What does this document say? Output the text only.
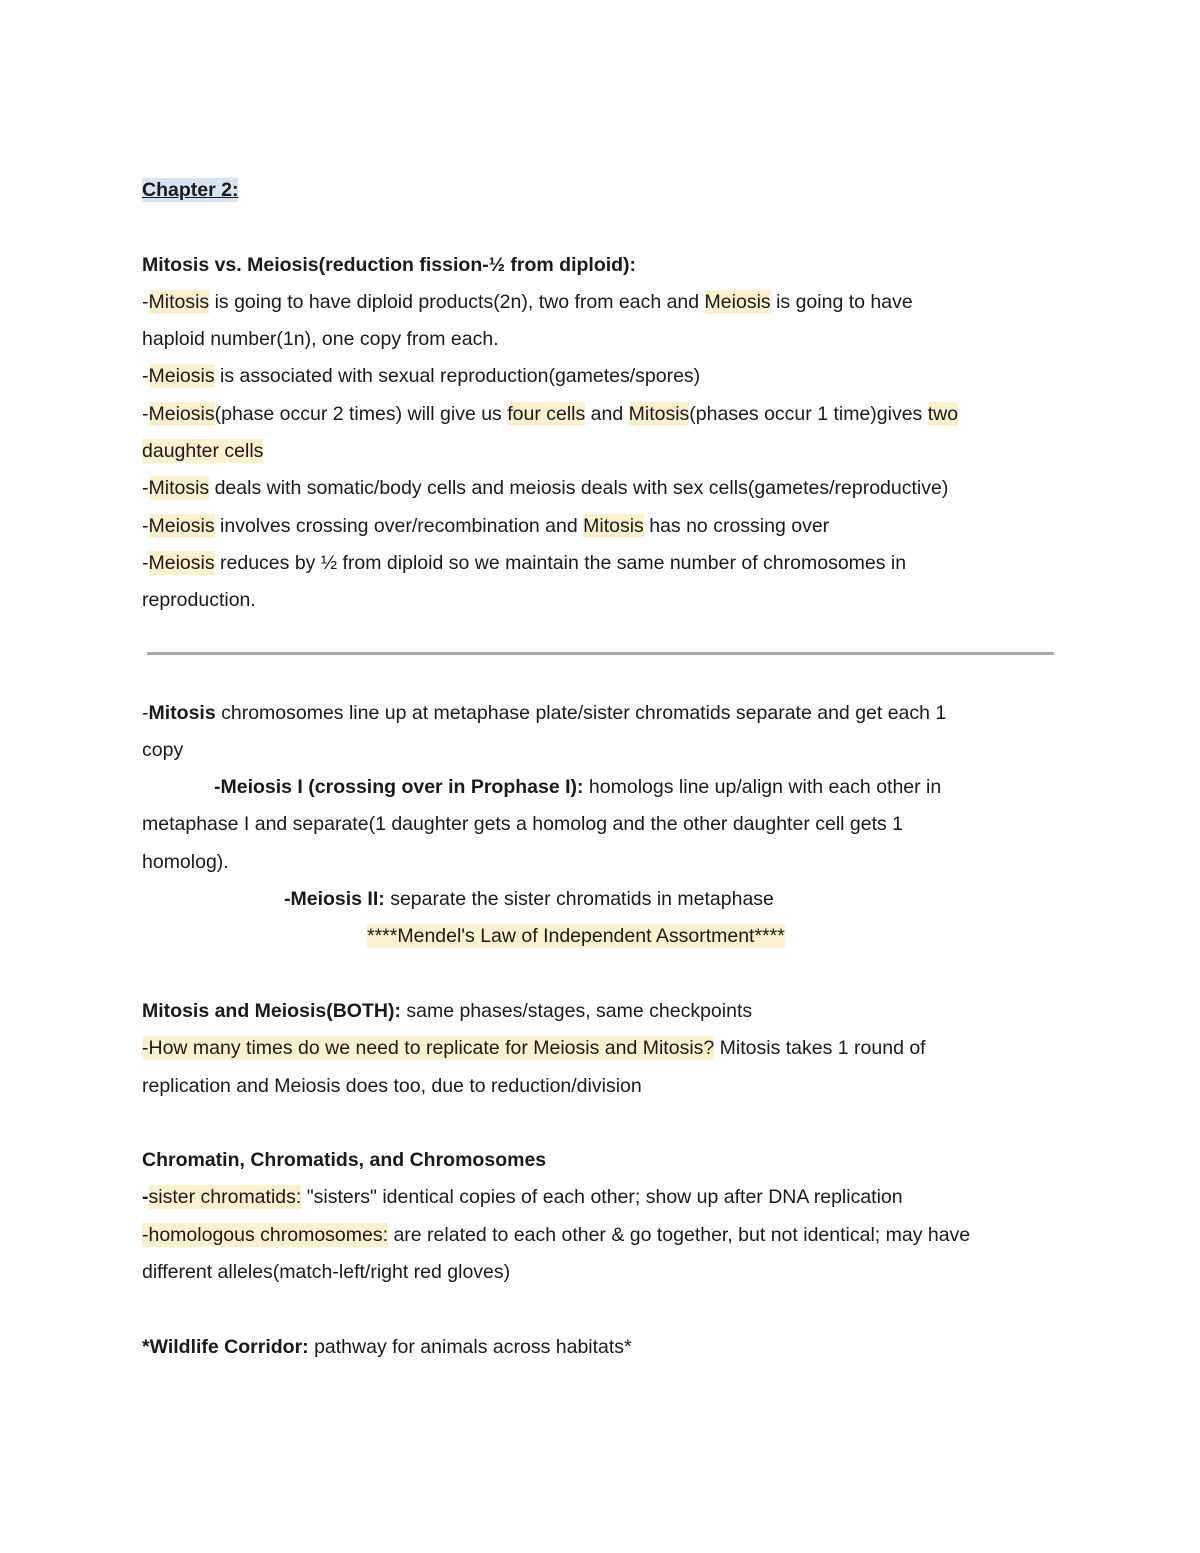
Chapter 2:
Mitosis vs. Meiosis(reduction fission-½ from diploid):
-Mitosis is going to have diploid products(2n), two from each and Meiosis is going to have
haploid number(1n), one copy from each.
-Meiosis is associated with sexual reproduction(gametes/spores)
-Meiosis(phase occur 2 times) will give us four cells and Mitosis(phases occur 1 time)gives two
daughter cells
-Mitosis deals with somatic/body cells and meiosis deals with sex cells(gametes/reproductive)
-Meiosis involves crossing over/recombination and Mitosis has no crossing over
-Meiosis reduces by ½ from diploid so we maintain the same number of chromosomes in
reproduction.
-Mitosis chromosomes line up at metaphase plate/sister chromatids separate and get each 1
copy
-Meiosis I (crossing over in Prophase I): homologs line up/align with each other in
metaphase I and separate(1 daughter gets a homolog and the other daughter cell gets 1
homolog).
-Meiosis II: separate the sister chromatids in metaphase
****Mendel's Law of Independent Assortment****
Mitosis and Meiosis(BOTH): same phases/stages, same checkpoints
-How many times do we need to replicate for Meiosis and Mitosis? Mitosis takes 1 round of
replication and Meiosis does too, due to reduction/division
Chromatin, Chromatids, and Chromosomes
-sister chromatids: "sisters" identical copies of each other; show up after DNA replication
-homologous chromosomes: are related to each other & go together, but not identical; may have
different alleles(match-left/right red gloves)
*Wildlife Corridor: pathway for animals across habitats*
